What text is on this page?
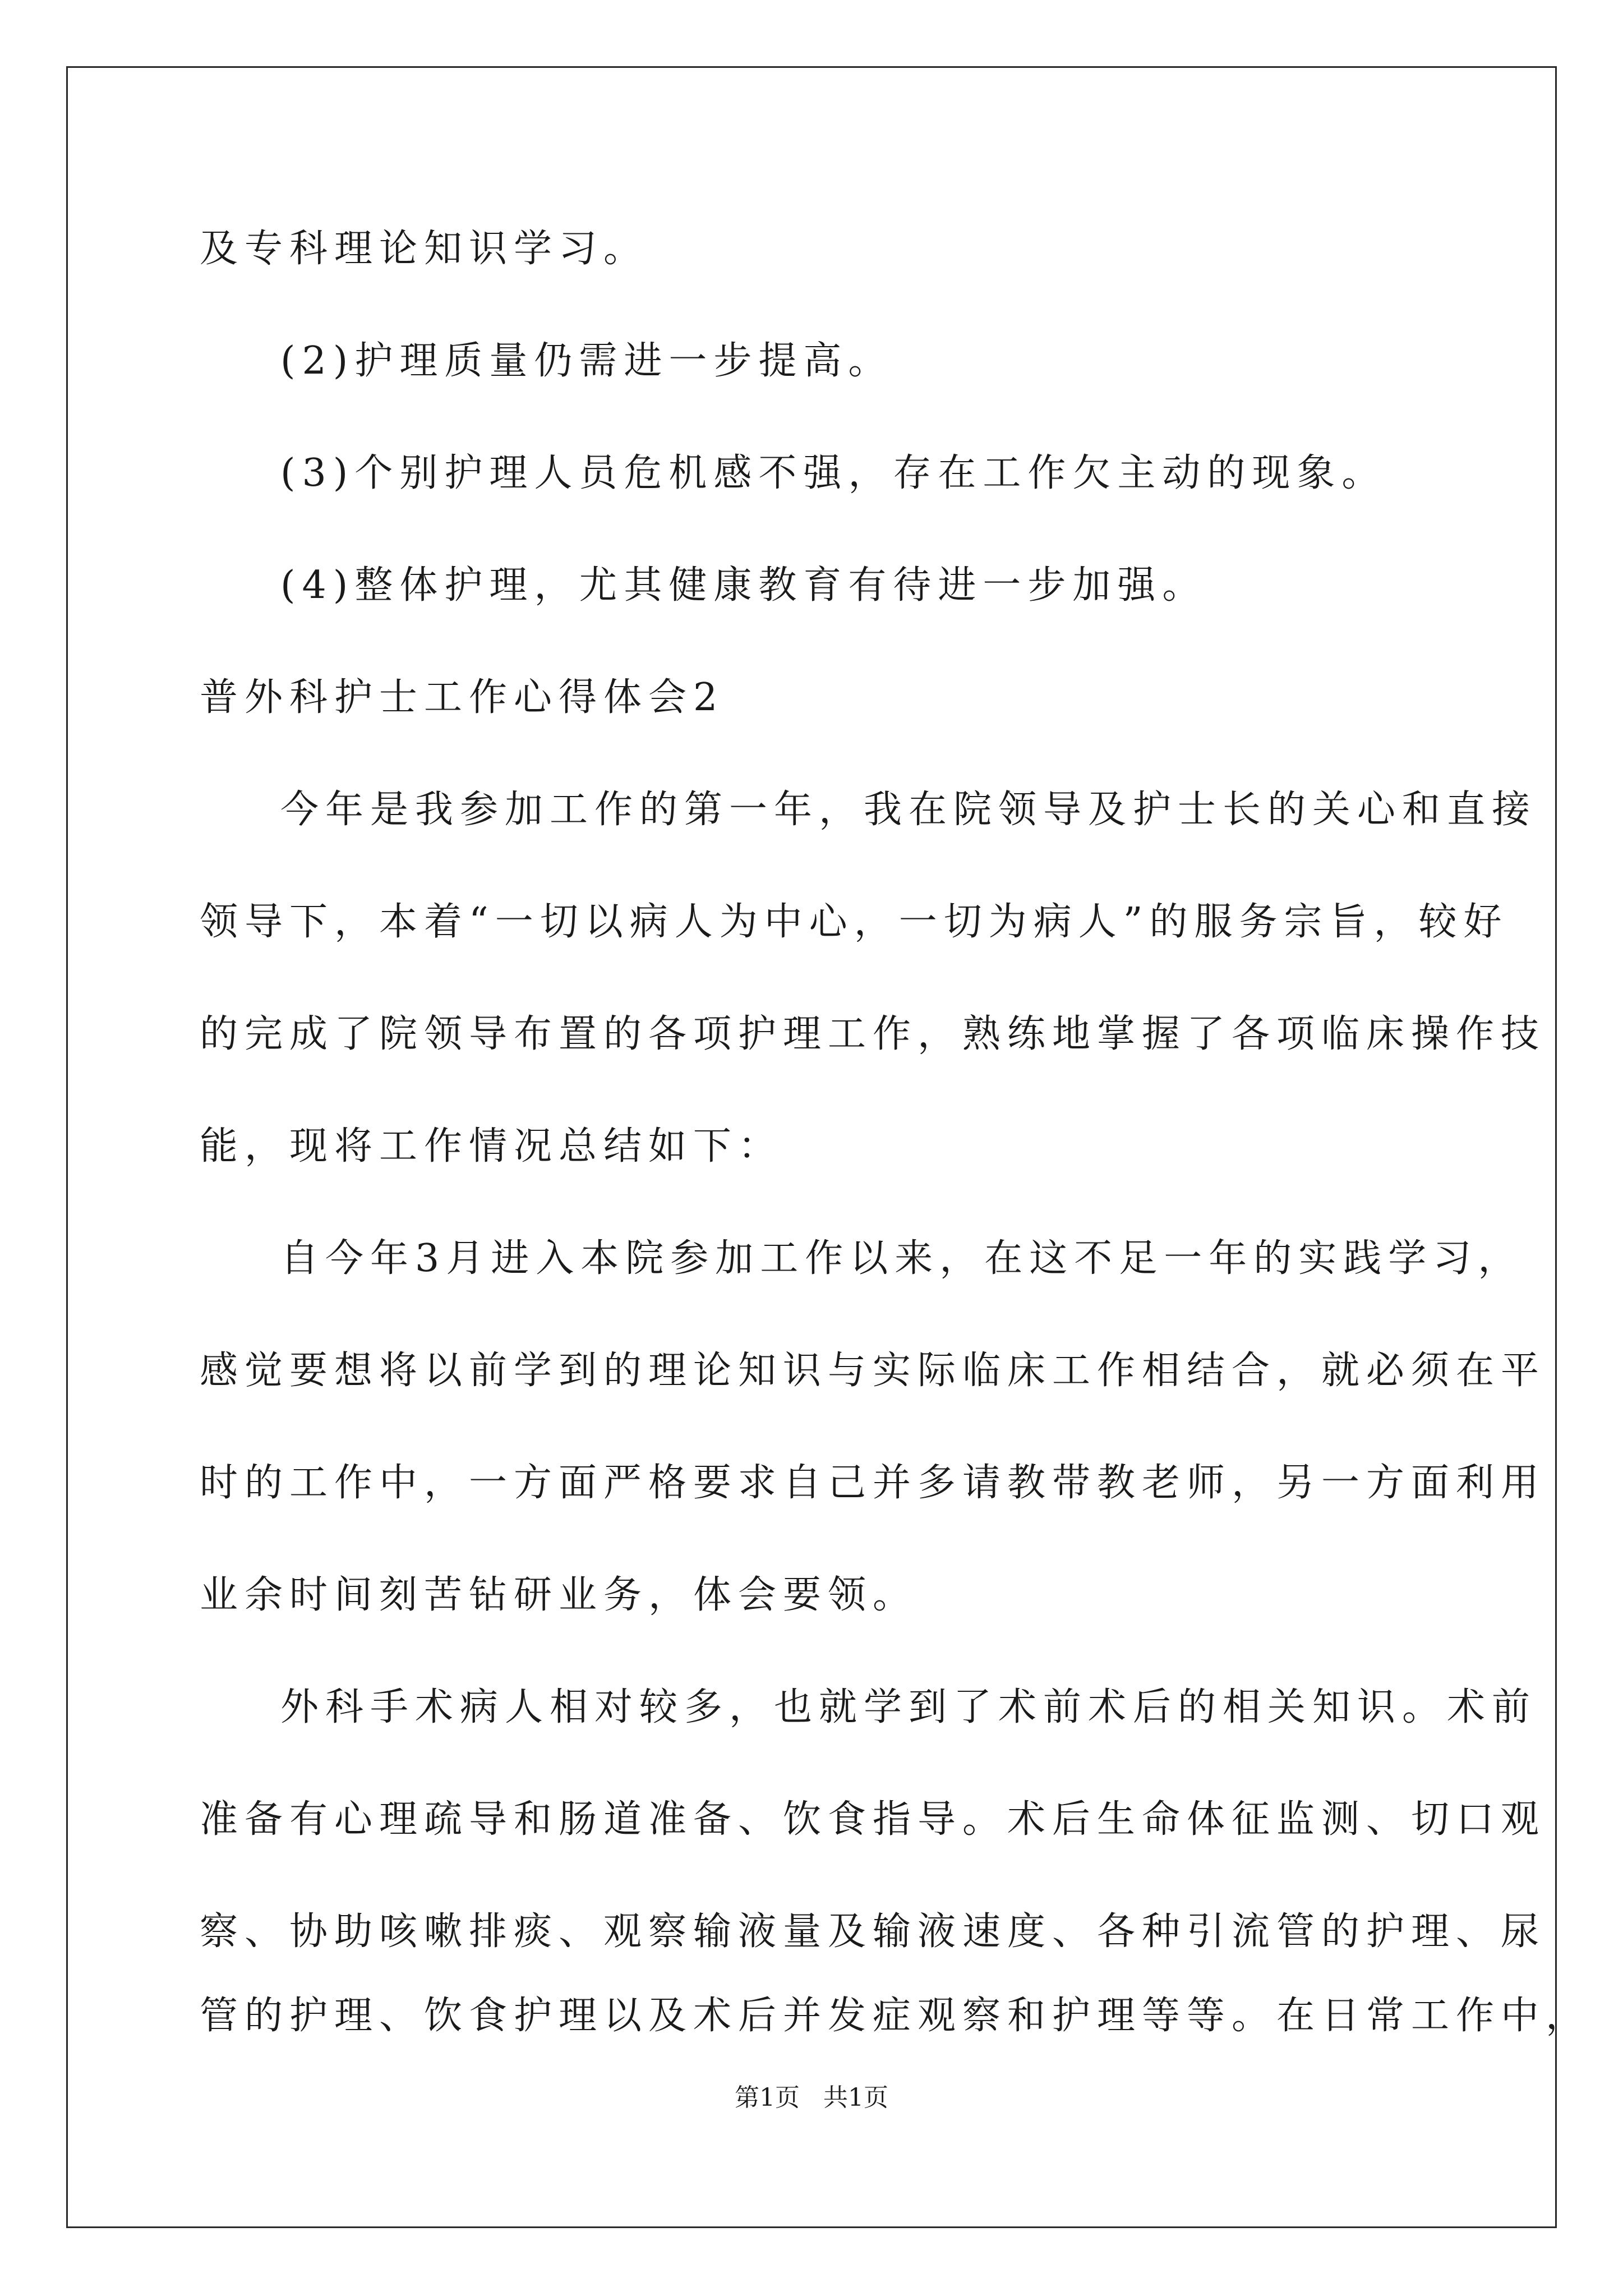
及专科理论知识学习。
(2)护理质量仍需进一步提高。
(3)个别护理人员危机感不强，存在工作欠主动的现象。
(4)整体护理，尤其健康教育有待进一步加强。
普外科护士工作心得体会2
今年是我参加工作的第一年，我在院领导及护士长的关心和直接
领导下，本着“一切以病人为中心，一切为病人”的服务宗旨，较好
的完成了院领导布置的各项护理工作，熟练地掌握了各项临床操作技
能，现将工作情况总结如下：
自今年3月进入本院参加工作以来，在这不足一年的实践学习，
感觉要想将以前学到的理论知识与实际临床工作相结合，就必须在平
时的工作中，一方面严格要求自己并多请教带教老师，另一方面利用
业余时间刻苦钻研业务，体会要领。
外科手术病人相对较多，也就学到了术前术后的相关知识。术前
准备有心理疏导和肠道准备、饮食指导。术后生命体征监测、切口观
察、协助咳嗽排痰、观察输液量及输液速度、各种引流管的护理、尿
管的护理、饮食护理以及术后并发症观察和护理等等。在日常工作中，
第1页   共1页
